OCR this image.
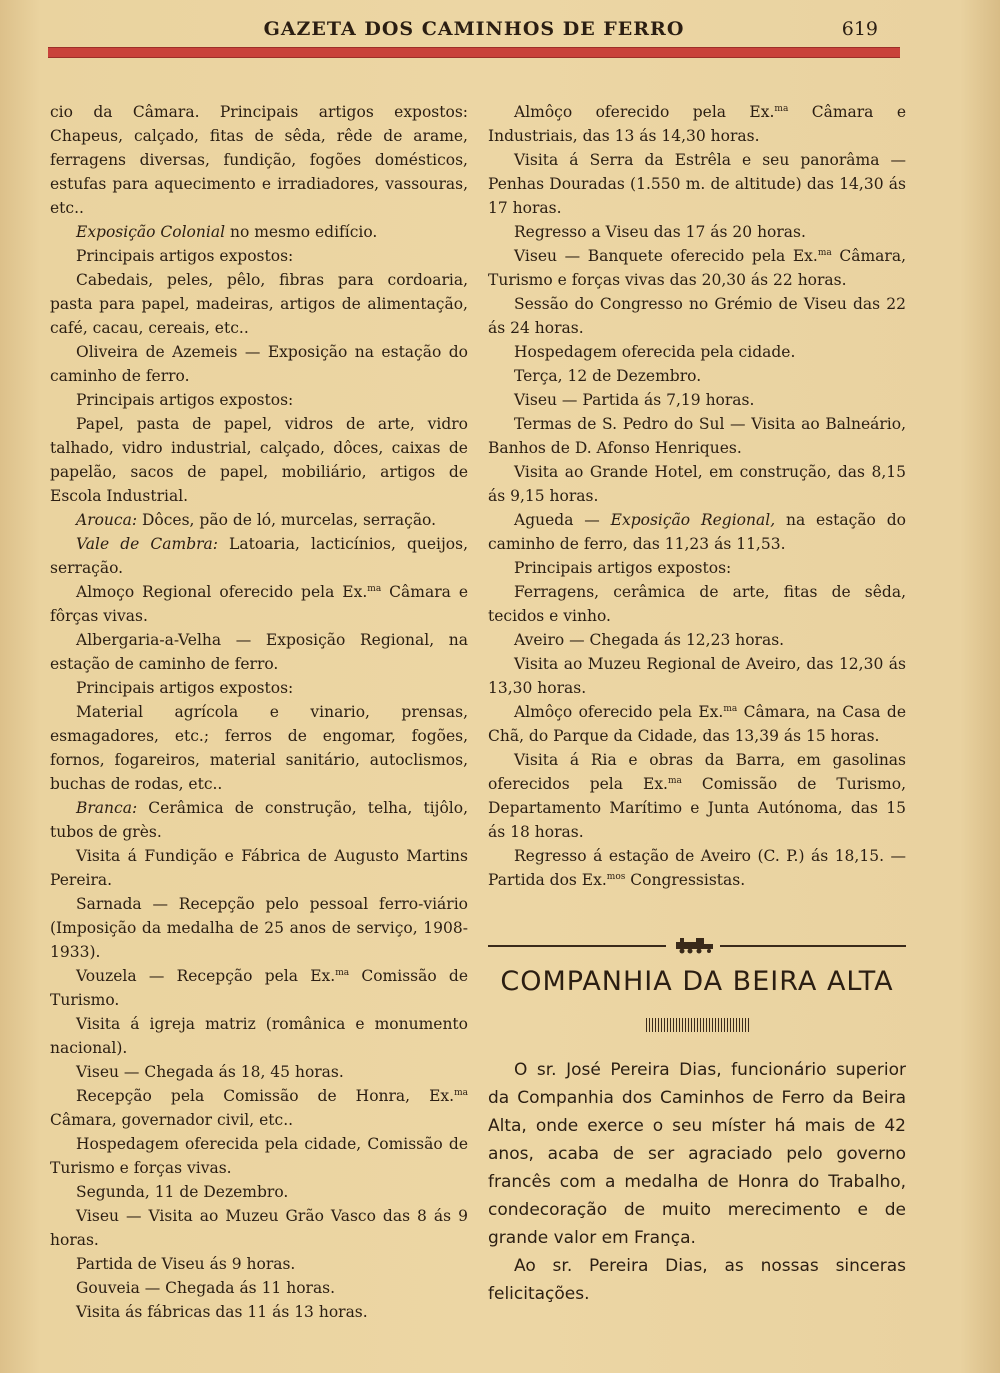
GAZETA DOS CAMINHOS DE FERRO	619

cio da Câmara. Principais artigos expostos: Chapeus, calçado, fitas de sêda, rêde de arame, ferragens diversas, fundição, fogões domésticos, estufas para aquecimento e irradiadores, vassouras, etc..

Exposição Colonial no mesmo edifício.

Principais artigos expostos:

Cabedais, peles, pêlo, fibras para cordoaria, pasta para papel, madeiras, artigos de alimentação, café, cacau, cereais, etc..

Oliveira de Azemeis — Exposição na estação do caminho de ferro.

Principais artigos expostos:

Papel, pasta de papel, vidros de arte, vidro talhado, vidro industrial, calçado, dôces, caixas de papelão, sacos de papel, mobiliário, artigos de Escola Industrial.

Arouca: Dôces, pão de ló, murcelas, serração.

Vale de Cambra: Latoaria, lacticínios, queijos, serração.

Almoço Regional oferecido pela Ex.$^{ma}$ Câmara e fôrças vivas.

Albergaria-a-Velha — Exposição Regional, na estação de caminho de ferro.

Principais artigos expostos:

Material agrícola e vinario, prensas, esmagadores, etc.; ferros de engomar, fogões, fornos, fogareiros, material sanitário, autoclismos, buchas de rodas, etc..

Branca: Cerâmica de construção, telha, tijôlo, tubos de grès.

Visita á Fundição e Fábrica de Augusto Martins Pereira.

Sarnada — Recepção pelo pessoal ferro-viário (Imposição da medalha de 25 anos de serviço, 1908-1933).

Vouzela — Recepção pela Ex.$^{ma}$ Comissão de Turismo.

Visita á igreja matriz (românica e monumento nacional).

Viseu — Chegada ás 18, 45 horas.

Recepção pela Comissão de Honra, Ex.$^{ma}$ Câmara, governador civil, etc..

Hospedagem oferecida pela cidade, Comissão de Turismo e forças vivas.

Segunda, 11 de Dezembro.

Viseu — Visita ao Muzeu Grão Vasco das 8 ás 9 horas.

Partida de Viseu ás 9 horas.

Gouveia — Chegada ás 11 horas.

Visita ás fábricas das 11 ás 13 horas.

Almôço oferecido pela Ex.$^{ma}$ Câmara e Industriais, das 13 ás 14,30 horas.

Visita á Serra da Estrêla e seu panorâma — Penhas Douradas (1.550 m. de altitude) das 14,30 ás 17 horas.

Regresso a Viseu das 17 ás 20 horas.

Viseu — Banquete oferecido pela Ex.$^{ma}$ Câmara, Turismo e forças vivas das 20,30 ás 22 horas.

Sessão do Congresso no Grémio de Viseu das 22 ás 24 horas.

Hospedagem oferecida pela cidade.

Terça, 12 de Dezembro.

Viseu — Partida ás 7,19 horas.

Termas de S. Pedro do Sul — Visita ao Balneário, Banhos de D. Afonso Henriques.

Visita ao Grande Hotel, em construção, das 8,15 ás 9,15 horas.

Agueda — Exposição Regional, na estação do caminho de ferro, das 11,23 ás 11,53.

Principais artigos expostos:

Ferragens, cerâmica de arte, fitas de sêda, tecidos e vinho.

Aveiro — Chegada ás 12,23 horas.

Visita ao Muzeu Regional de Aveiro, das 12,30 ás 13,30 horas.

Almôço oferecido pela Ex.$^{ma}$ Câmara, na Casa de Chã, do Parque da Cidade, das 13,39 ás 15 horas.

Visita á Ria e obras da Barra, em gasolinas oferecidos pela Ex.$^{ma}$ Comissão de Turismo, Departamento Marítimo e Junta Autónoma, das 15 ás 18 horas.

Regresso á estação de Aveiro (C. P.) ás 18,15. — Partida dos Ex.$^{mos}$ Congressistas.

COMPANHIA DA BEIRA ALTA

O sr. José Pereira Dias, funcionário superior da Companhia dos Caminhos de Ferro da Beira Alta, onde exerce o seu míster há mais de 42 anos, acaba de ser agraciado pelo governo francês com a medalha de Honra do Trabalho, condecoração de muito merecimento e de grande valor em França.

Ao sr. Pereira Dias, as nossas sinceras felicitações.
